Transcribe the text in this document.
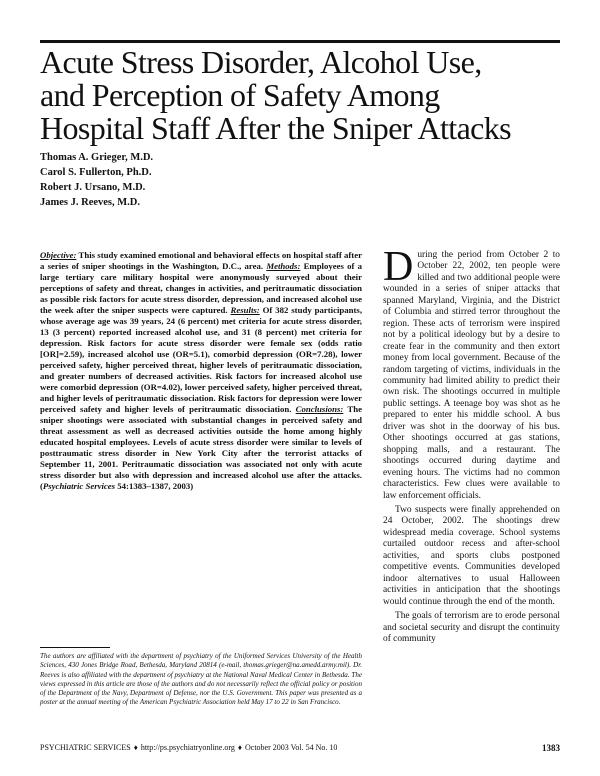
Acute Stress Disorder, Alcohol Use,
and Perception of Safety Among
Hospital Staff After the Sniper Attacks
Thomas A. Grieger, M.D.
Carol S. Fullerton, Ph.D.
Robert J. Ursano, M.D.
James J. Reeves, M.D.

Objective: This study examined emotional and behavioral effects on hospital staff after a series of sniper shootings in the Washington, D.C., area. Methods: Employees of a large tertiary care military hospital were anonymously surveyed about their perceptions of safety and threat, changes in activities, and peritraumatic dissociation as possible risk factors for acute stress disorder, depression, and increased alcohol use the week after the sniper suspects were captured. Results: Of 382 study participants, whose average age was 39 years, 24 (6 percent) met criteria for acute stress disorder, 13 (3 percent) reported increased alcohol use, and 31 (8 percent) met criteria for depression. Risk factors for acute stress disorder were female sex (odds ratio [OR]=2.59), increased alcohol use (OR=5.1), comorbid depression (OR=7.28), lower perceived safety, higher perceived threat, higher levels of peritraumatic dissociation, and greater numbers of decreased activities. Risk factors for increased alcohol use were comorbid depression (OR=4.02), lower perceived safety, higher perceived threat, and higher levels of peritraumatic dissociation. Risk factors for depression were lower perceived safety and higher levels of peritraumatic dissociation. Conclusions: The sniper shootings were associated with substantial changes in perceived safety and threat assessment as well as decreased activities outside the home among highly educated hospital employees. Levels of acute stress disorder were similar to levels of posttraumatic stress disorder in New York City after the terrorist attacks of September 11, 2001. Peritraumatic dissociation was associated not only with acute stress disorder but also with depression and increased alcohol use after the attacks. (Psychiatric Services 54:1383–1387, 2003)

The authors are affiliated with the department of psychiatry of the Uniformed Services University of the Health Sciences, 430 Jones Bridge Road, Bethesda, Maryland 20814 (e-mail, thomas.grieger@na.amedd.army.mil). Dr. Reeves is also affiliated with the department of psychiatry at the National Naval Medical Center in Bethesda. The views expressed in this article are those of the authors and do not necessarily reflect the official policy or position of the Department of the Navy, Department of Defense, nor the U.S. Government. This paper was presented as a poster at the annual meeting of the American Psychiatric Association held May 17 to 22 in San Francisco.

During the period from October 2 to October 22, 2002, ten people were killed and two additional people were wounded in a series of sniper attacks that spanned Maryland, Virginia, and the District of Columbia and stirred terror throughout the region. These acts of terrorism were inspired not by a political ideology but by a desire to create fear in the community and then extort money from local government. Because of the random targeting of victims, individuals in the community had limited ability to predict their own risk. The shootings occurred in multiple public settings. A teenage boy was shot as he prepared to enter his middle school. A bus driver was shot in the doorway of his bus. Other shootings occurred at gas stations, shopping malls, and a restaurant. The shootings occurred during daytime and evening hours. The victims had no common characteristics. Few clues were available to law enforcement officials.

Two suspects were finally apprehended on 24 October, 2002. The shootings drew widespread media coverage. School systems curtailed outdoor recess and after-school activities, and sports clubs postponed competitive events. Communities developed indoor alternatives to usual Halloween activities in anticipation that the shootings would continue through the end of the month.

The goals of terrorism are to erode personal and societal security and disrupt the continuity of community

PSYCHIATRIC SERVICES ♦ http://ps.psychiatryonline.org ♦ October 2003 Vol. 54 No. 10	1383
